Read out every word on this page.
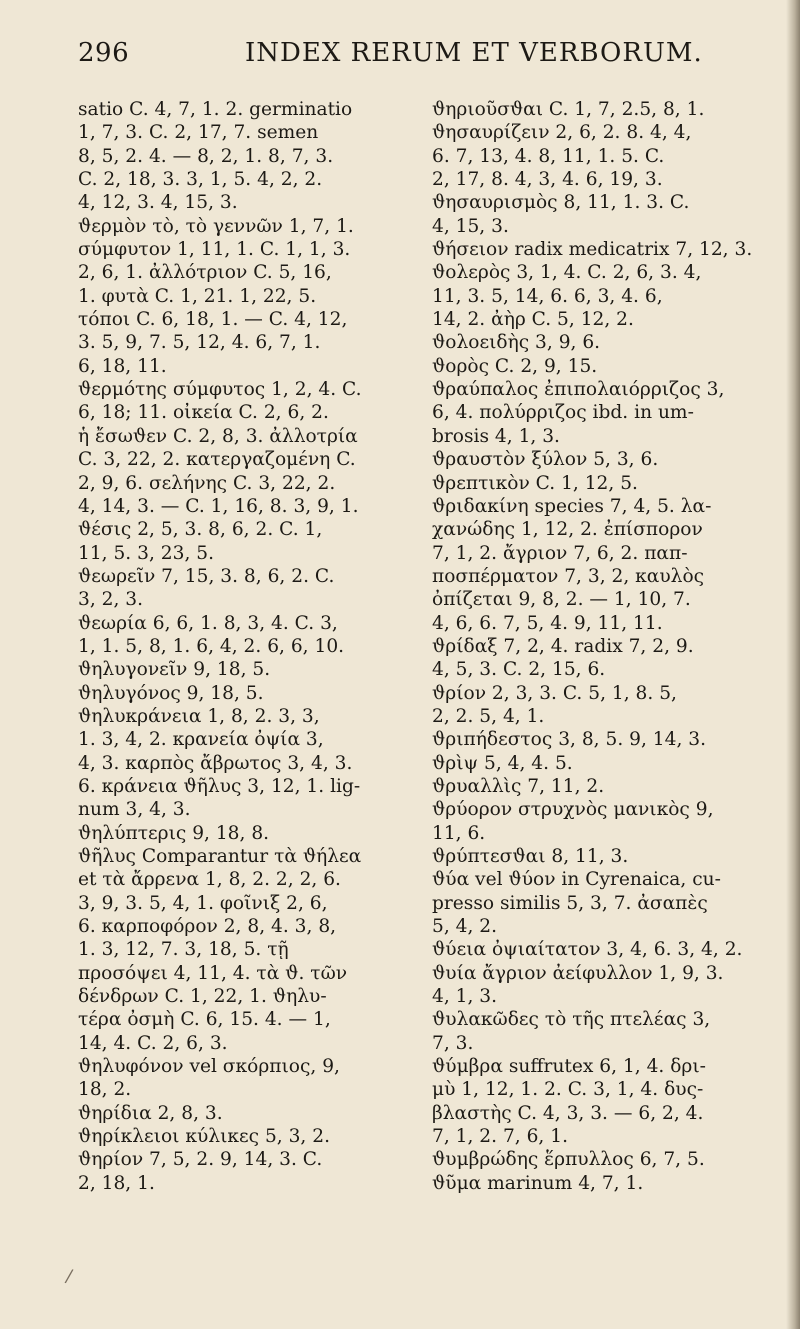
296	INDEX RERUM ET VERBORUM.
satio C. 4, 7, 1. 2. germinatio
1, 7, 3. C. 2, 17, 7. semen
8, 5, 2. 4. — 8, 2, 1. 8, 7, 3.
C. 2, 18, 3. 3, 1, 5. 4, 2, 2.
4, 12, 3. 4, 15, 3.
ϑερμὸν τὸ, τὸ γεννῶν 1, 7, 1.
σύμφυτον 1, 11, 1. C. 1, 1, 3.
2, 6, 1. ἀλλότριον C. 5, 16,
1. φυτὰ C. 1, 21. 1, 22, 5.
τόποι C. 6, 18, 1. — C. 4, 12,
3. 5, 9, 7. 5, 12, 4. 6, 7, 1.
6, 18, 11.
ϑερμότης σύμφυτος 1, 2, 4. C.
6, 18; 11. οἰκεία C. 2, 6, 2.
ἡ ἔσωϑεν C. 2, 8, 3. ἀλλοτρία
C. 3, 22, 2. κατεργαζομένη C.
2, 9, 6. σελήνης C. 3, 22, 2.
4, 14, 3. — C. 1, 16, 8. 3, 9, 1.
ϑέσις 2, 5, 3. 8, 6, 2. C. 1,
11, 5. 3, 23, 5.
ϑεωρεῖν 7, 15, 3. 8, 6, 2. C.
3, 2, 3.
ϑεωρία 6, 6, 1. 8, 3, 4. C. 3,
1, 1. 5, 8, 1. 6, 4, 2. 6, 6, 10.
ϑηλυγονεῖν 9, 18, 5.
ϑηλυγόνος 9, 18, 5.
ϑηλυκράνεια 1, 8, 2. 3, 3,
1. 3, 4, 2. κρανεία ὀψία 3,
4, 3. καρπὸς ἄβρωτος 3, 4, 3.
6. κράνεια ϑῆλυς 3, 12, 1. lig-
num 3, 4, 3.
ϑηλύπτερις 9, 18, 8.
ϑῆλυς Comparantur τὰ ϑήλεα
et τὰ ἄρρενα 1, 8, 2. 2, 2, 6.
3, 9, 3. 5, 4, 1. φοῖνιξ 2, 6,
6. καρποφόρον 2, 8, 4. 3, 8,
1. 3, 12, 7. 3, 18, 5. τῇ
προσόψει 4, 11, 4. τὰ ϑ. τῶν
δένδρων C. 1, 22, 1. ϑηλυ-
τέρα ὀσμὴ C. 6, 15. 4. — 1,
14, 4. C. 2, 6, 3.
ϑηλυφόνον vel σκόρπιος, 9,
18, 2.
ϑηρίδια 2, 8, 3.
ϑηρίκλειοι κύλικες 5, 3, 2.
ϑηρίον 7, 5, 2. 9, 14, 3. C.
2, 18, 1.
ϑηριοῦσϑαι C. 1, 7, 2.5, 8, 1.
ϑησαυρίζειν 2, 6, 2. 8. 4, 4,
6. 7, 13, 4. 8, 11, 1. 5. C.
2, 17, 8. 4, 3, 4. 6, 19, 3.
ϑησαυρισμὸς 8, 11, 1. 3. C.
4, 15, 3.
ϑήσειον radix medicatrix 7, 12, 3.
ϑολερὸς 3, 1, 4. C. 2, 6, 3. 4,
11, 3. 5, 14, 6. 6, 3, 4. 6,
14, 2. ἀὴρ C. 5, 12, 2.
ϑολοειδὴς 3, 9, 6.
ϑορὸς C. 2, 9, 15.
ϑραύπαλος ἐπιπολαιόρριζος 3,
6, 4. πολύρριζος ibd. in um-
brosis 4, 1, 3.
ϑραυστὸν ξύλον 5, 3, 6.
ϑρεπτικὸν C. 1, 12, 5.
ϑριδακίνη species 7, 4, 5. λα-
χανώδης 1, 12, 2. ἐπίσπορον
7, 1, 2. ἄγριον 7, 6, 2. παπ-
ποσπέρματον 7, 3, 2, καυλὸς
ὀπίζεται 9, 8, 2. — 1, 10, 7.
4, 6, 6. 7, 5, 4. 9, 11, 11.
ϑρίδαξ 7, 2, 4. radix 7, 2, 9.
4, 5, 3. C. 2, 15, 6.
ϑρίον 2, 3, 3. C. 5, 1, 8. 5,
2, 2. 5, 4, 1.
ϑριπήδεστος 3, 8, 5. 9, 14, 3.
ϑρὶψ 5, 4, 4. 5.
ϑρυαλλὶς 7, 11, 2.
ϑρύορον στρυχνὸς μανικὸς 9,
11, 6.
ϑρύπτεσϑαι 8, 11, 3.
ϑύα vel ϑύον in Cyrenaica, cu-
presso similis 5, 3, 7. ἀσαπὲς
5, 4, 2.
ϑύεια ὀψιαίτατον 3, 4, 6. 3, 4, 2.
ϑυία ἄγριον ἀείφυλλον 1, 9, 3.
4, 1, 3.
ϑυλακῶδες τὸ τῆς πτελέας 3,
7, 3.
ϑύμβρα suffrutex 6, 1, 4. δρι-
μὺ 1, 12, 1. 2. C. 3, 1, 4. δυς-
βλαστὴς C. 4, 3, 3. — 6, 2, 4.
7, 1, 2. 7, 6, 1.
ϑυμβρώδης ἕρπυλλος 6, 7, 5.
ϑῦμα marinum 4, 7, 1.
/
